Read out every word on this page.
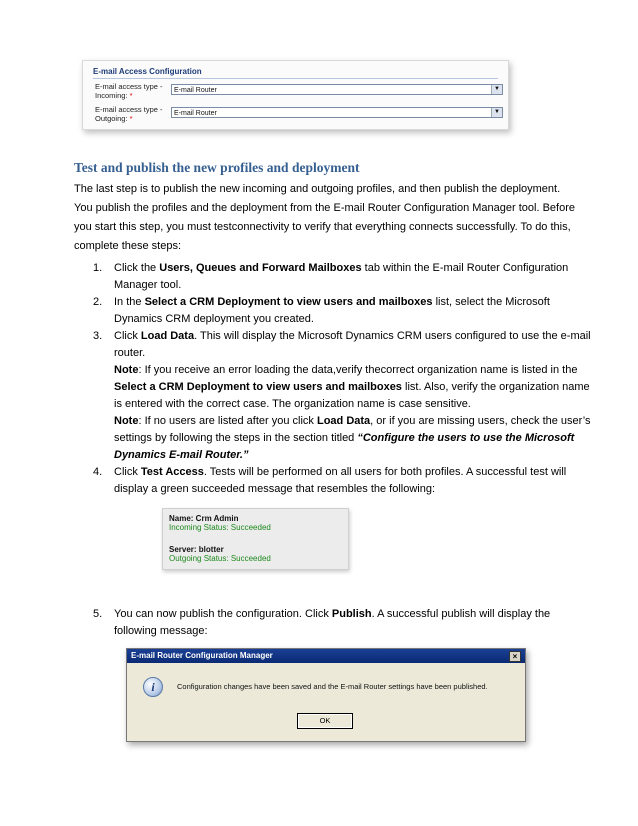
E-mail Access Configuration
E-mail access type -
Incoming: *
E-mail Router	▼
E-mail access type -
Outgoing: *
E-mail Router	▼
Test and publish the new profiles and deployment
The last step is to publish the new incoming and outgoing profiles, and then publish the deployment.
You publish the profiles and the deployment from the E-mail Router Configuration Manager tool. Before
you start this step, you must testconnectivity to verify that everything connects successfully. To do this,
complete these steps:
1. Click the Users, Queues and Forward Mailboxes tab within the E-mail Router Configuration
Manager tool.
2. In the Select a CRM Deployment to view users and mailboxes list, select the Microsoft
Dynamics CRM deployment you created.
3. Click Load Data. This will display the Microsoft Dynamics CRM users configured to use the e-mail
router.
Note: If you receive an error loading the data,verify thecorrect organization name is listed in the
Select a CRM Deployment to view users and mailboxes list. Also, verify the organization name
is entered with the correct case. The organization name is case sensitive.
Note: If no users are listed after you click Load Data, or if you are missing users, check the user’s
settings by following the steps in the section titled “Configure the users to use the Microsoft
Dynamics E-mail Router.”
4. Click Test Access. Tests will be performed on all users for both profiles. A successful test will
display a green succeeded message that resembles the following:
Name: Crm Admin
Incoming Status: Succeeded
Server: blotter
Outgoing Status: Succeeded
5. You can now publish the configuration. Click Publish. A successful publish will display the
following message:
E-mail Router Configuration Manager	×
i	Configuration changes have been saved and the E-mail Router settings have been published.
OK
